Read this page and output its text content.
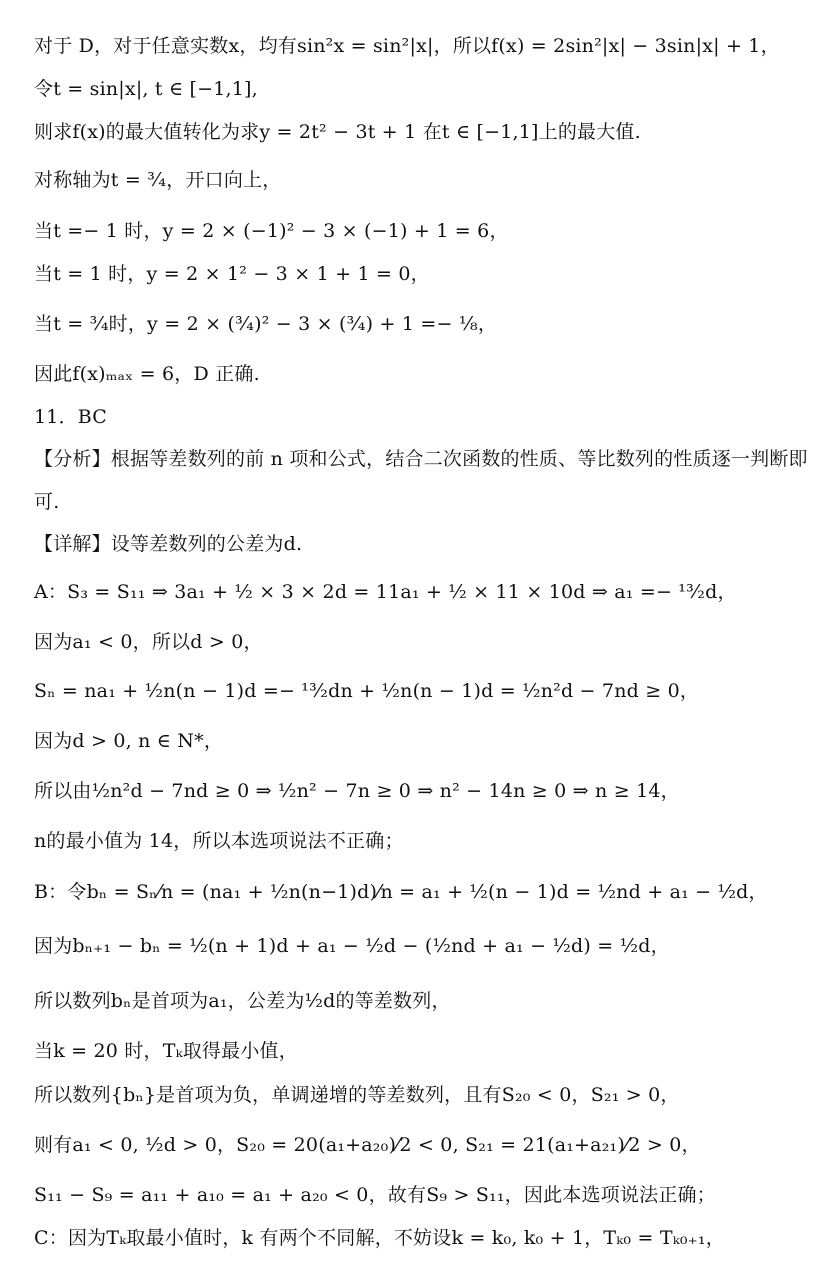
对于 D，对于任意实数x，均有sin²x = sin²|x|，所以f(x) = 2sin²|x| − 3sin|x| + 1，
令t = sin|x|, t ∈ [−1,1],
则求f(x)的最大值转化为求y = 2t² − 3t + 1 在t ∈ [−1,1]上的最大值.
对称轴为t = ³⁄₄，开口向上，
当t =− 1 时，y = 2 × (−1)² − 3 × (−1) + 1 = 6，
当t = 1 时，y = 2 × 1² − 3 × 1 + 1 = 0，
当t = ³⁄₄时，y = 2 × (³⁄₄)² − 3 × (³⁄₄) + 1 =− ¹⁄₈，
因此f(x)ₘₐₓ = 6，D 正确.
11．BC
【分析】根据等差数列的前 n 项和公式，结合二次函数的性质、等比数列的性质逐一判断即
可.
【详解】设等差数列的公差为d.
A：S₃ = S₁₁ ⇒ 3a₁ + ½ × 3 × 2d = 11a₁ + ½ × 11 × 10d ⇒ a₁ =− ¹³⁄₂d，
因为a₁ < 0，所以d > 0，
Sₙ = na₁ + ½n(n − 1)d =− ¹³⁄₂dn + ½n(n − 1)d = ½n²d − 7nd ≥ 0，
因为d > 0, n ∈ N*，
所以由½n²d − 7nd ≥ 0 ⇒ ½n² − 7n ≥ 0 ⇒ n² − 14n ≥ 0 ⇒ n ≥ 14，
n的最小值为 14，所以本选项说法不正确；
B：令bₙ = Sₙ⁄n = (na₁ + ½n(n−1)d)⁄n = a₁ + ½(n − 1)d = ½nd + a₁ − ½d，
因为bₙ₊₁ − bₙ = ½(n + 1)d + a₁ − ½d − (½nd + a₁ − ½d) = ½d，
所以数列bₙ是首项为a₁，公差为½d的等差数列，
当k = 20 时，Tₖ取得最小值，
所以数列{bₙ}是首项为负，单调递增的等差数列，且有S₂₀ < 0，S₂₁ > 0，
则有a₁ < 0, ½d > 0，S₂₀ = 20(a₁+a₂₀)⁄2 < 0, S₂₁ = 21(a₁+a₂₁)⁄2 > 0，
S₁₁ − S₉ = a₁₁ + a₁₀ = a₁ + a₂₀ < 0，故有S₉ > S₁₁，因此本选项说法正确；
C：因为Tₖ取最小值时，k 有两个不同解，不妨设k = k₀, k₀ + 1，Tₖ₀ = Tₖ₀₊₁，
